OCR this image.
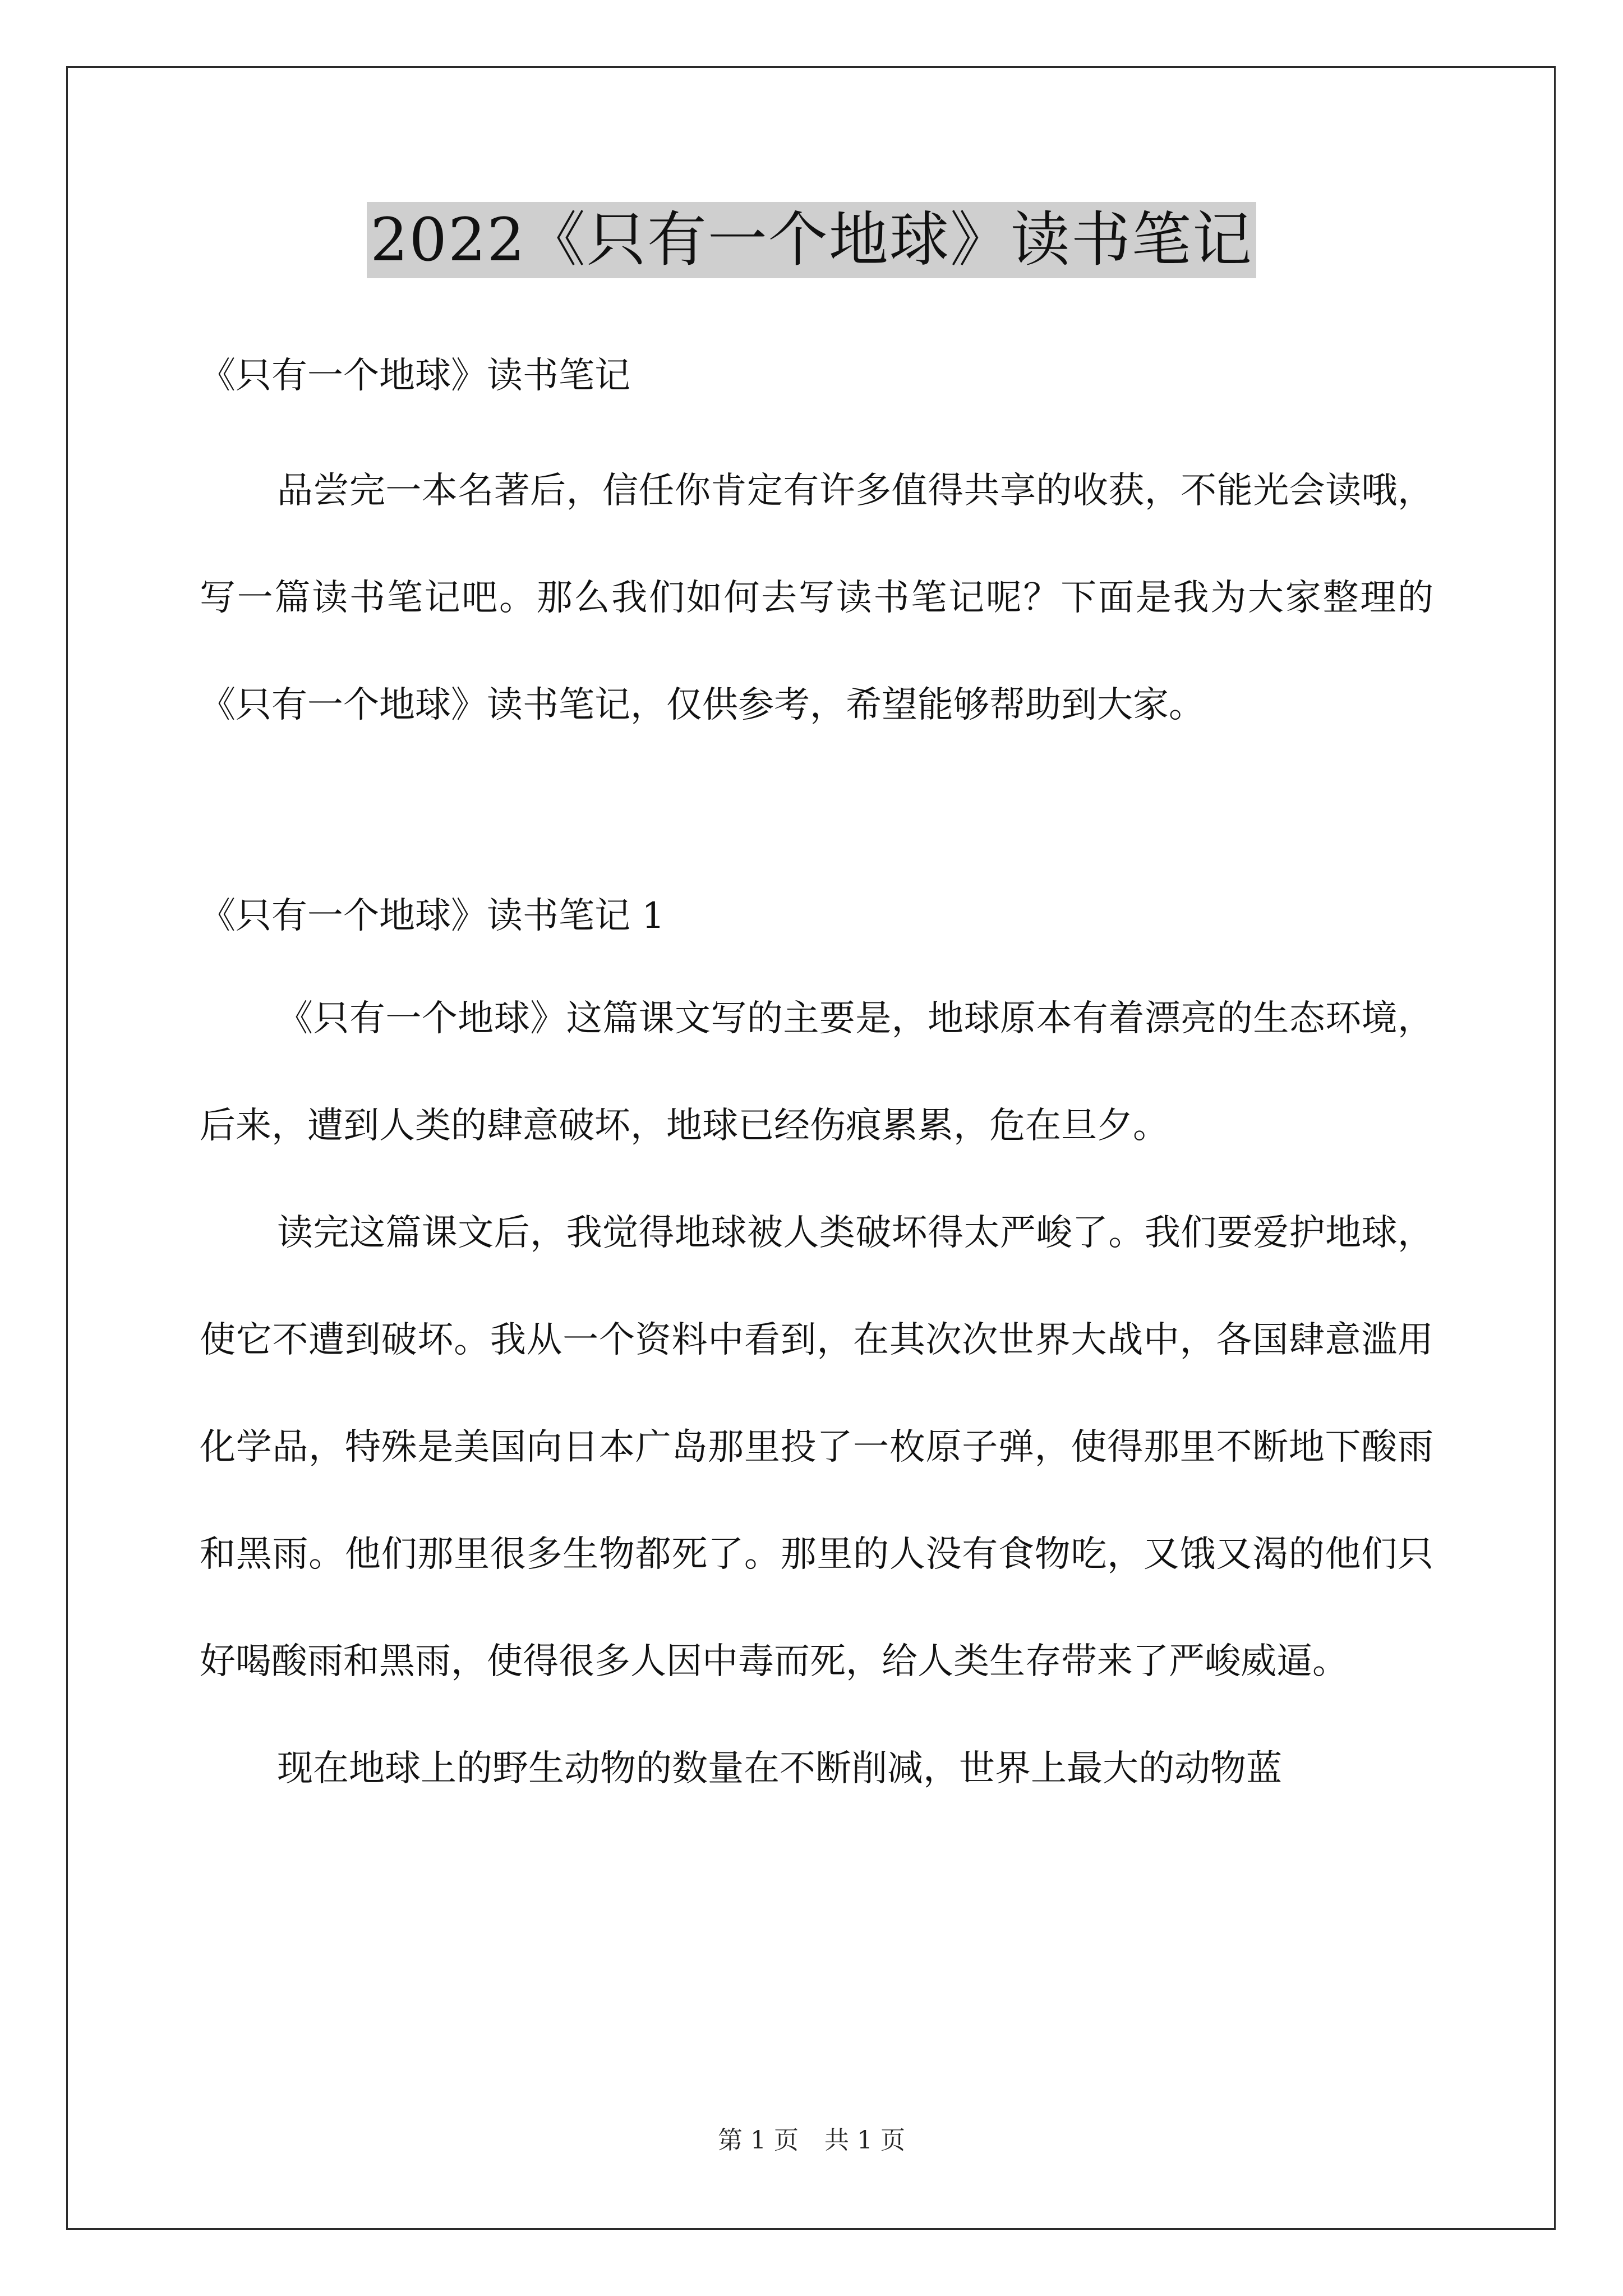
2022《只有一个地球》读书笔记

《只有一个地球》读书笔记

品尝完一本名著后，信任你肯定有许多值得共享的收获，不能光会读哦，写一篇读书笔记吧。那么我们如何去写读书笔记呢？下面是我为大家整理的《只有一个地球》读书笔记，仅供参考，希望能够帮助到大家。

《只有一个地球》读书笔记 1

《只有一个地球》这篇课文写的主要是，地球原本有着漂亮的生态环境，后来，遭到人类的肆意破坏，地球已经伤痕累累，危在旦夕。

读完这篇课文后，我觉得地球被人类破坏得太严峻了。我们要爱护地球，使它不遭到破坏。我从一个资料中看到，在其次次世界大战中，各国肆意滥用化学品，特殊是美国向日本广岛那里投了一枚原子弹，使得那里不断地下酸雨和黑雨。他们那里很多生物都死了。那里的人没有食物吃，又饿又渴的他们只好喝酸雨和黑雨，使得很多人因中毒而死，给人类生存带来了严峻威逼。

现在地球上的野生动物的数量在不断削减，世界上最大的动物蓝

第 1 页 共 1 页
